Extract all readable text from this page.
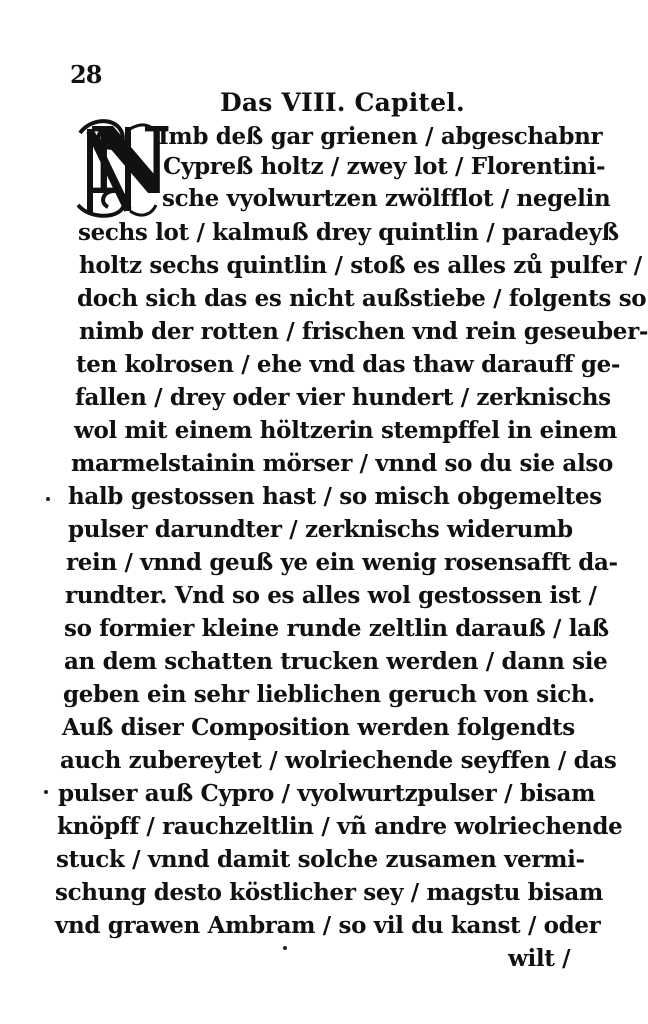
28
Das VIII. Capitel.
N
Imb deß gar grienen / abgeschabnr
Cypreß holtz / zwey lot / Florentini-
sche vyolwurtzen zwölfflot / negelin
sechs lot / kalmuß drey quintlin / paradeyß
holtz sechs quintlin / stoß es alles zů pulfer /
doch sich das es nicht außstiebe / folgents so
nimb der rotten / frischen vnd rein geseuber-
ten kolrosen / ehe vnd das thaw darauff ge-
fallen / drey oder vier hundert / zerknischs
wol mit einem höltzerin stempffel in einem
marmelstainin mörser / vnnd so du sie also
halb gestossen hast / so misch obgemeltes
pulser darundter / zerknischs widerumb
rein / vnnd geuß ye ein wenig rosensafft da-
rundter. Vnd so es alles wol gestossen ist /
so formier kleine runde zeltlin darauß / laß
an dem schatten trucken werden / dann sie
geben ein sehr lieblichen geruch von sich.
Auß diser Composition werden folgendts
auch zubereytet / wolriechende seyffen / das
pulser auß Cypro / vyolwurtzpulser / bisam
knöpff / rauchzeltlin / vñ andre wolriechende
stuck / vnnd damit solche zusamen vermi-
schung desto köstlicher sey / magstu bisam
vnd grawen Ambram / so vil du kanst / oder
wilt /
